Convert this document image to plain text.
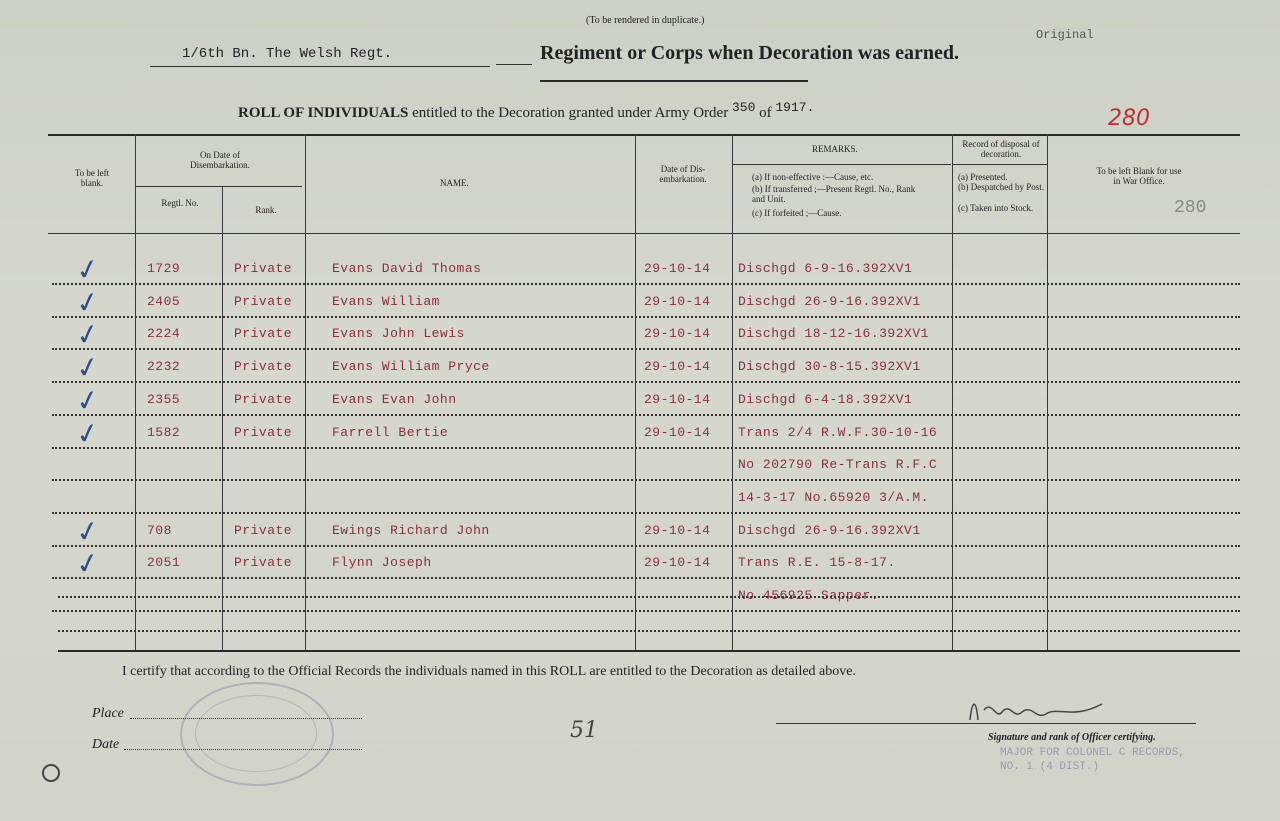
(To be rendered in duplicate.)
Original
1/6th Bn. The Welsh Regt.	Regiment or Corps when Decoration was earned.
ROLL OF INDIVIDUALS entitled to the Decoration granted under Army Order $^{350}$ of $^{1917.}$	280
To be left blank.
On Date of Disembarkation.
Regtl. No.
Rank.
NAME.
Date of Dis- embarkation.
REMARKS.
(a) If non-effective :—Cause, etc.
(b) If transferred ;—Present Regtl. No., Rank and Unit.
(c) If forfeited ;—Cause.
Record of disposal of decoration.
(a) Presented.
(b) Despatched by Post.
(c) Taken into Stock.
To be left Blank for use in War Office.
280
✓	1729	Private	Evans David Thomas	29-10-14 Dischgd 6-9-16.392XV1
✓	2405	Private	Evans William	29-10-14 Dischgd 26-9-16.392XV1
✓	2224	Private	Evans John Lewis	29-10-14 Dischgd 18-12-16.392XV1
✓	2232	Private	Evans William Pryce	29-10-14 Dischgd 30-8-15.392XV1
✓	2355	Private	Evans Evan John	29-10-14 Dischgd 6-4-18.392XV1
✓	1582	Private	Farrell Bertie	29-10-14 Trans 2/4 R.W.F.30-10-16
No 202790 Re-Trans R.F.C
14-3-17 No.65920 3/A.M.
✓	708	Private	Ewings Richard John	29-10-14 Dischgd 26-9-16.392XV1
✓	2051	Private	Flynn Joseph	29-10-14 Trans R.E. 15-8-17.
No 456925 Sapper.
I certify that according to the Official Records the individuals named in this ROLL are entitled to the Decoration as detailed above.
Place
Date
51	Signature and rank of Officer certifying.
MAJOR FOR COLONEL C RECORDS, NO. 1 (4 DIST.)
